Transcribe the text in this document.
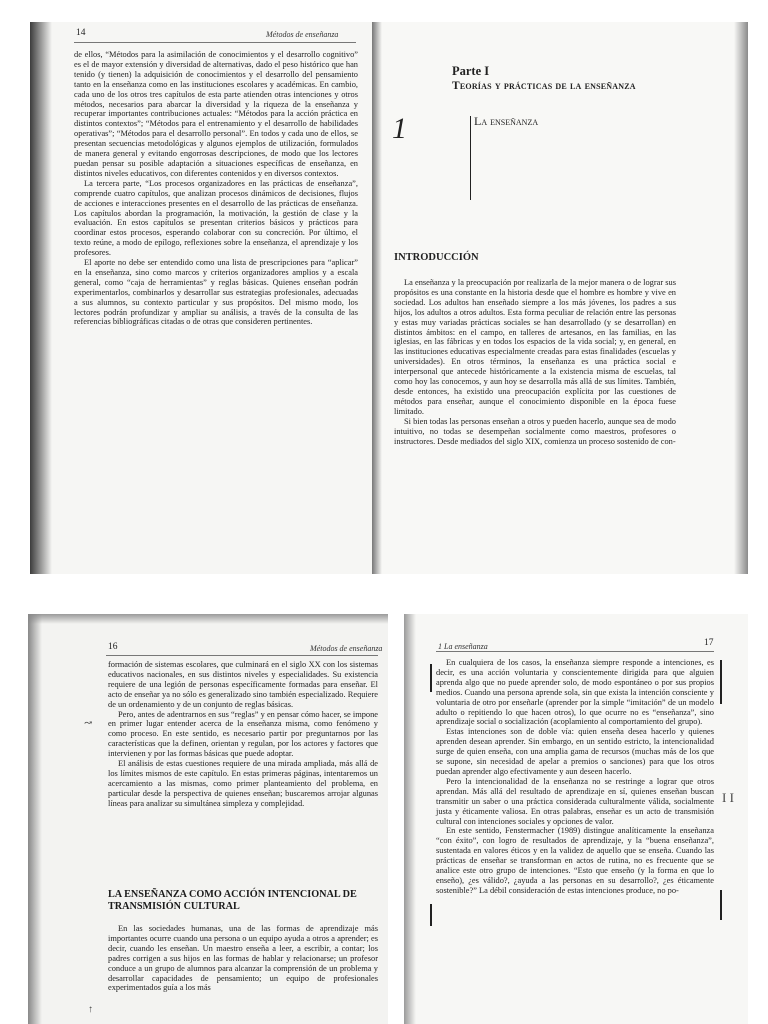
14	Métodos de enseñanza

de ellos, “Métodos para la asimilación de conocimientos y el desarrollo cognitivo” es el de mayor extensión y diversidad de alternativas, dado el peso histórico que han tenido (y tienen) la adquisición de conocimientos y el desarrollo del pensamiento tanto en la enseñanza como en las instituciones escolares y académicas. En cambio, cada uno de los otros tres capítulos de esta parte atienden otras intenciones y otros métodos, necesarios para abarcar la diversidad y la riqueza de la enseñanza y recuperar importantes contribuciones actuales: “Métodos para la acción práctica en distintos contextos”; “Métodos para el entrenamiento y el desarrollo de habilidades operativas”; “Métodos para el desarrollo personal”. En todos y cada uno de ellos, se presentan secuencias metodológicas y algunos ejemplos de utilización, formulados de manera general y evitando engorrosas descripciones, de modo que los lectores puedan pensar su posible adaptación a situaciones específicas de enseñanza, en distintos niveles educativos, con diferentes contenidos y en diversos contextos.

La tercera parte, “Los procesos organizadores en las prácticas de enseñanza”, comprende cuatro capítulos, que analizan procesos dinámicos de decisiones, flujos de acciones e interacciones presentes en el desarrollo de las prácticas de enseñanza. Los capítulos abordan la programación, la motivación, la gestión de clase y la evaluación. En estos capítulos se presentan criterios básicos y prácticos para coordinar estos procesos, esperando colaborar con su concreción. Por último, el texto reúne, a modo de epílogo, reflexiones sobre la enseñanza, el aprendizaje y los profesores.

El aporte no debe ser entendido como una lista de prescripciones para “aplicar” en la enseñanza, sino como marcos y criterios organizadores amplios y a escala general, como “caja de herramientas” y reglas básicas. Quienes enseñan podrán experimentarlos, combinarlos y desarrollar sus estrategias profesionales, adecuadas a sus alumnos, su contexto particular y sus propósitos. Del mismo modo, los lectores podrán profundizar y ampliar su análisis, a través de la consulta de las referencias bibliográficas citadas o de otras que consideren pertinentes.

Parte I
Teorías y prácticas de la enseñanza
1	La enseñanza
INTRODUCCIÓN

La enseñanza y la preocupación por realizarla de la mejor manera o de lograr sus propósitos es una constante en la historia desde que el hombre es hombre y vive en sociedad. Los adultos han enseñado siempre a los más jóvenes, los padres a sus hijos, los adultos a otros adultos. Esta forma peculiar de relación entre las personas y estas muy variadas prácticas sociales se han desarrollado (y se desarrollan) en distintos ámbitos: en el campo, en talleres de artesanos, en las familias, en las iglesias, en las fábricas y en todos los espacios de la vida social; y, en general, en las instituciones educativas especialmente creadas para estas finalidades (escuelas y universidades). En otros términos, la enseñanza es una práctica social e interpersonal que antecede históricamente a la existencia misma de escuelas, tal como hoy las conocemos, y aun hoy se desarrolla más allá de sus límites. También, desde entonces, ha existido una preocupación explícita por las cuestiones de métodos para enseñar, aunque el conocimiento disponible en la época fuese limitado.

Si bien todas las personas enseñan a otros y pueden hacerlo, aunque sea de modo intuitivo, no todas se desempeñan socialmente como maestros, profesores o instructores. Desde mediados del siglo XIX, comienza un proceso sostenido de con-

16	Métodos de enseñanza

formación de sistemas escolares, que culminará en el siglo XX con los sistemas educativos nacionales, en sus distintos niveles y especialidades. Su existencia requiere de una legión de personas específicamente formadas para enseñar. El acto de enseñar ya no sólo es generalizado sino también especializado. Requiere de un ordenamiento y de un conjunto de reglas básicas.

Pero, antes de adentrarnos en sus “reglas” y en pensar cómo hacer, se impone en primer lugar entender acerca de la enseñanza misma, como fenómeno y como proceso. En este sentido, es necesario partir por preguntarnos por las características que la definen, orientan y regulan, por los actores y factores que intervienen y por las formas básicas que puede adoptar.

El análisis de estas cuestiones requiere de una mirada ampliada, más allá de los límites mismos de este capítulo. En estas primeras páginas, intentaremos un acercamiento a las mismas, como primer planteamiento del problema, en particular desde la perspectiva de quienes enseñan; buscaremos arrojar algunas líneas para analizar su simultánea simpleza y complejidad.

LA ENSEÑANZA COMO ACCIÓN INTENCIONAL DE TRANSMISIÓN CULTURAL

En las sociedades humanas, una de las formas de aprendizaje más importantes ocurre cuando una persona o un equipo ayuda a otros a aprender; es decir, cuando les enseñan. Un maestro enseña a leer, a escribir, a contar; los padres corrigen a sus hijos en las formas de hablar y relacionarse; un profesor conduce a un grupo de alumnos para alcanzar la comprensión de un problema y desarrollar capacidades de pensamiento; un equipo de profesionales experimentados guía a los más

↝
↑
1 La enseñanza	17

En cualquiera de los casos, la enseñanza siempre responde a intenciones, es decir, es una acción voluntaria y conscientemente dirigida para que alguien aprenda algo que no puede aprender solo, de modo espontáneo o por sus propios medios. Cuando una persona aprende sola, sin que exista la intención consciente y voluntaria de otro por enseñarle (aprender por la simple “imitación” de un modelo adulto o repitiendo lo que hacen otros), lo que ocurre no es “enseñanza”, sino aprendizaje social o socialización (acoplamiento al comportamiento del grupo).

Estas intenciones son de doble vía: quien enseña desea hacerlo y quienes aprenden desean aprender. Sin embargo, en un sentido estricto, la intencionalidad surge de quien enseña, con una amplia gama de recursos (muchas más de los que se supone, sin necesidad de apelar a premios o sanciones) para que los otros puedan aprender algo efectivamente y aun deseen hacerlo.

Pero la intencionalidad de la enseñanza no se restringe a lograr que otros aprendan. Más allá del resultado de aprendizaje en sí, quienes enseñan buscan transmitir un saber o una práctica considerada culturalmente válida, socialmente justa y éticamente valiosa. En otras palabras, enseñar es un acto de transmisión cultural con intenciones sociales y opciones de valor.

En este sentido, Fenstermacher (1989) distingue analíticamente la enseñanza “con éxito”, con logro de resultados de aprendizaje, y la “buena enseñanza”, sustentada en valores éticos y en la validez de aquello que se enseña. Cuando las prácticas de enseñar se transforman en actos de rutina, no es frecuente que se analice este otro grupo de intenciones. “Esto que enseño (y la forma en que lo enseño), ¿es válido?, ¿ayuda a las personas en su desarrollo?, ¿es éticamente sostenible?” La débil consideración de estas intenciones produce, no po-

I I
